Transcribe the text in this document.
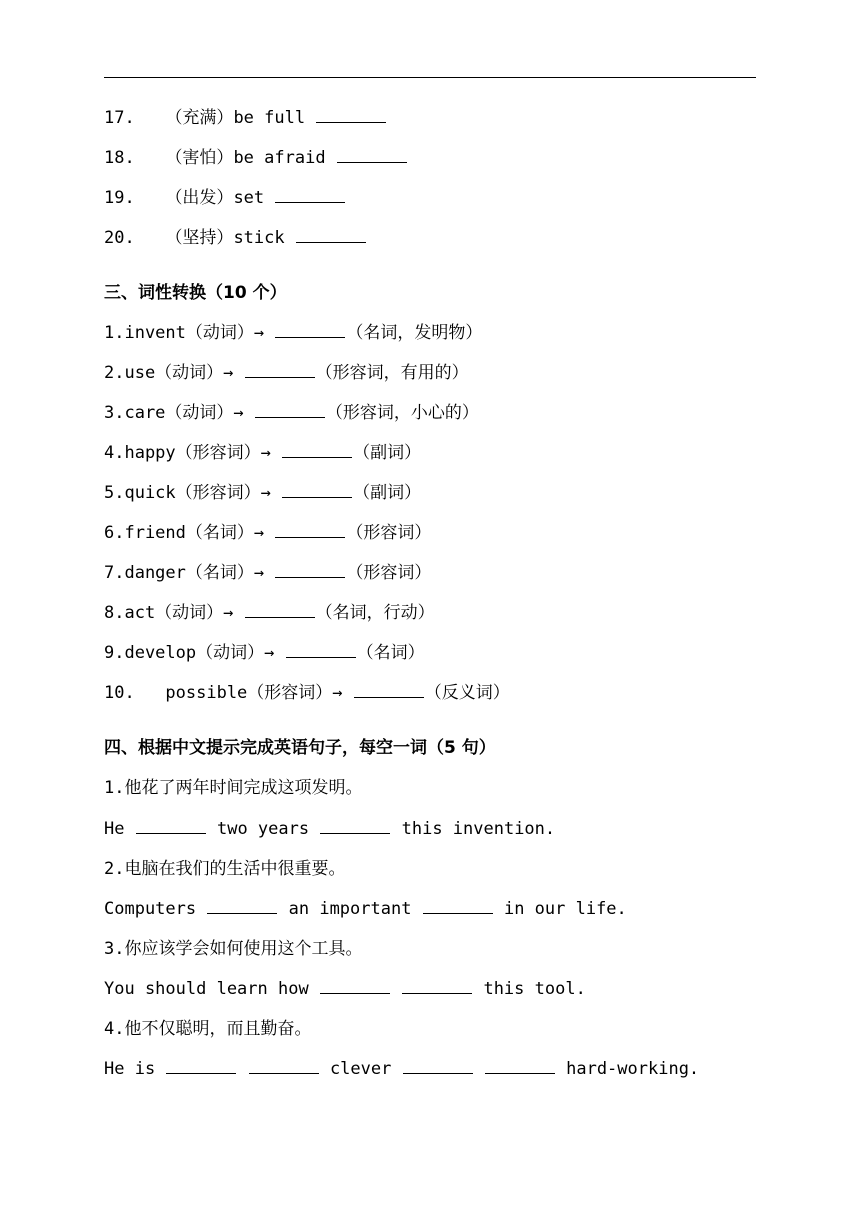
17. （充满）be full
18. （害怕）be afraid
19. （出发）set
20. （坚持）stick
三、词性转换（10 个）
1.invent（动词）→	（名词，发明物）
2.use（动词）→	（形容词，有用的）
3.care（动词）→	（形容词，小心的）
4.happy（形容词）→	（副词）
5.quick（形容词）→	（副词）
6.friend（名词）→	（形容词）
7.danger（名词）→	（形容词）
8.act（动词）→	（名词，行动）
9.develop（动词）→	（名词）
10.   possible（形容词）→	（反义词）
四、根据中文提示完成英语句子，每空一词（5 句）
1.他花了两年时间完成这项发明。
He	two years	this invention.
2.电脑在我们的生活中很重要。
Computers	an important	in our life.
3.你应该学会如何使用这个工具。
You should learn how	this tool.
4.他不仅聪明，而且勤奋。
He is	clever	hard-working.
